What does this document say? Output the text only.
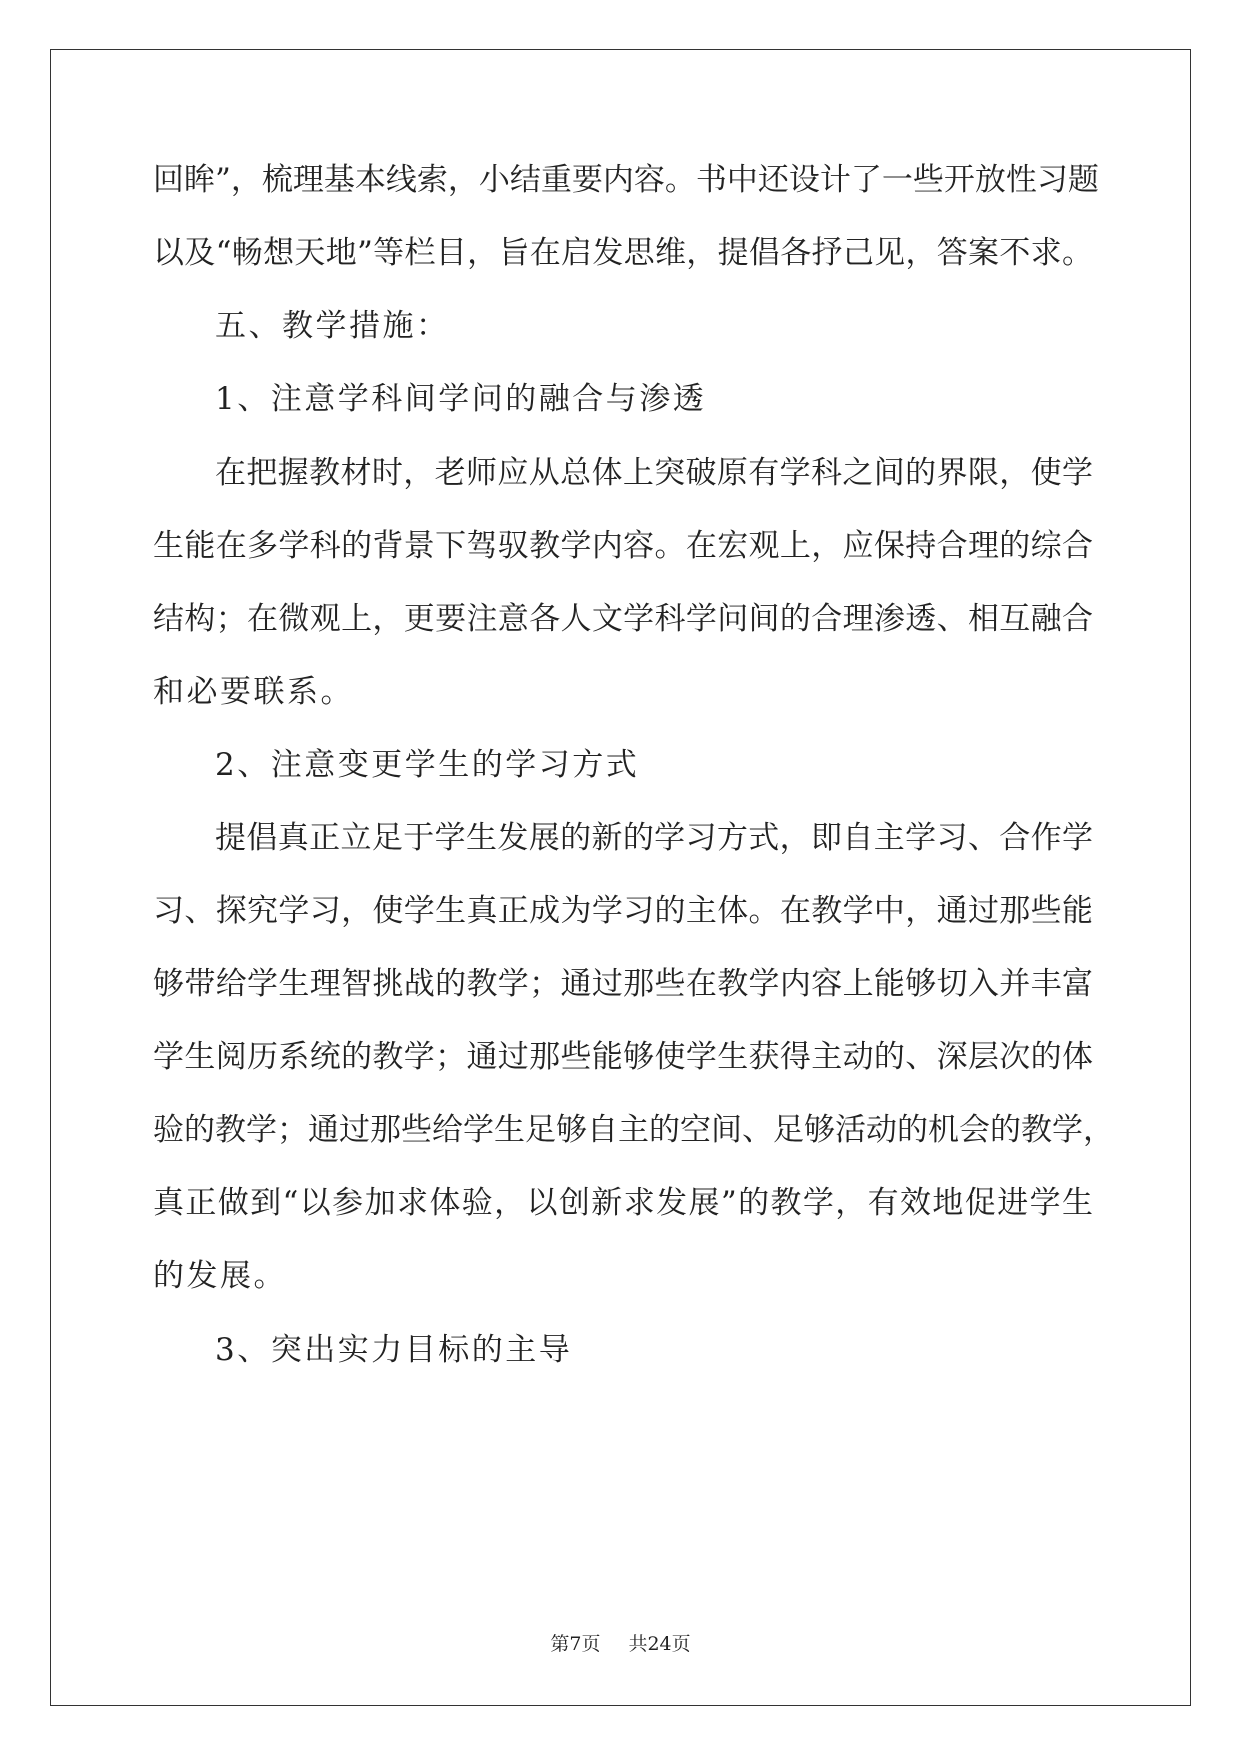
回眸”，梳理基本线索，小结重要内容。书中还设计了一些开放性习题
以及“畅想天地”等栏目，旨在启发思维，提倡各抒己见，答案不求。
五、教学措施：
1、注意学科间学问的融合与渗透
在把握教材时，老师应从总体上突破原有学科之间的界限，使学
生能在多学科的背景下驾驭教学内容。在宏观上，应保持合理的综合
结构；在微观上，更要注意各人文学科学问间的合理渗透、相互融合
和必要联系。
2、注意变更学生的学习方式
提倡真正立足于学生发展的新的学习方式，即自主学习、合作学
习、探究学习，使学生真正成为学习的主体。在教学中，通过那些能
够带给学生理智挑战的教学；通过那些在教学内容上能够切入并丰富
学生阅历系统的教学；通过那些能够使学生获得主动的、深层次的体
验的教学；通过那些给学生足够自主的空间、足够活动的机会的教学，
真正做到“以参加求体验，以创新求发展”的教学，有效地促进学生
的发展。
3、突出实力目标的主导
第7页 共24页
